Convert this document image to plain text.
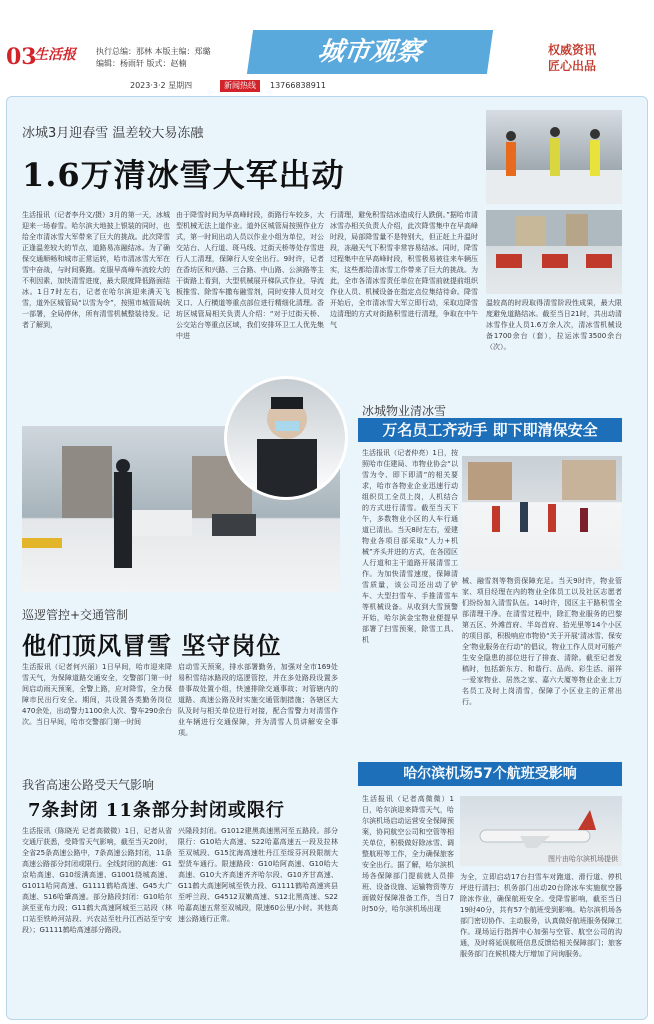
03
生活报	执行总编：那林 本版主编：郑璐
编辑：杨雨轩 版式：赵楠	城市观察	权威资讯
匠心出品
2023·3·2 星期四	新闻热线	13766838911
冰城3月迎春雪 温差较大易冻融
1.6万清冰雪大军出动
生活报讯（记者李丹文/摄）3月的第一天，冰城迎来一场春雪。哈尔滨大地披上银装的同时，也给全市清冰雪大军带来了巨大的挑战。此次降雪正逢温差较大的节点，道路易冻融结冰。为了确保交通顺畅和城市正常运转，哈市清冰雪大军在雪中奋战，与时间赛跑。克服早高峰车流较大的不利因素，加快清雪进度，最大限度降低路面结冰。1日7时左右，记者在哈尔滨迎来满天飞雪，道外区城管局“以雪为令”，按照市城管局统一部署，全局停休，所有清雪机械整装待发。记者了解到，
由于降雪时间为早高峰时段，街路行车较多，大型机械无法上道作业。道外区城管局按照作业方式，第一时间出动人员以作业小组为单位，对公交站台、人行道、斑马线、过街天桥等处存雪进行人工清理，保障行人安全出行。9时许，记者在香坊区和兴路、三合路、中山路、公滨路等主干街路上看到，大型机械展开梯队式作业，导流板推雪、除雪车撒布融雪剂，同时安排人员对交叉口、人行横道等重点部位进行精细化清理。香坊区城管局相关负责人介绍：“对于过街天桥、公交站台等重点区域，我们安排环卫工人优先集中进
行清理，避免积雪结冰造成行人跌倒。”据哈市清冰雪办相关负责人介绍，此次降雪集中在早高峰时段，局部降雪量不是特别大，但正赶上升温时段，冻融天气下积雪非常容易结冰。同时，降雪过程集中在早高峰时段，积雪极易被往来车辆压实，这些都给清冰雪工作带来了巨大的挑战。为此，全市各清冰雪责任单位在降雪前就提前组织作业人员、机械设备在指定点位集结待命。降雪开始后，全市清冰雪大军立即行动，采取边降雪边清理的方式对街路积雪进行清理，争取在中午气
温较高的时段取得清雪阶段性成果，最大限度避免道路结冰。截至当日21时，共出动清冰雪作业人员1.6万余人次，清冰雪机械设备1700余台（套），拉运冰雪3500余台（次）。
巡逻管控+交通管制
他们顶风冒雪 坚守岗位
生活报讯（记者何兴丽）1日早间，哈市迎来降雪天气，为保障道路交通安全，交警部门第一时间启动雨天预案，全警上路，应对降雪，全力保障市民出行安全。期间，共设置各类勤务岗位470余处，出动警力1100余人次、警车290余台次。当日早间，哈市交警部门第一时间
启动雪天预案，排水部署勤务，加强对全市169处易积雪结冰路段的巡逻管控，并在多处路段设置多普事故处置小组，快速排除交通事故；对管辖内的道路、高速公路及时实施交通管制措施；各辖区大队及时与相关单位进行对接，配合雪警力对清雪作业车辆进行交通保障，并为清雪人员讲解安全事项。
冰城物业清冰雪
万名员工齐动手 即下即清保安全
生活报讯（记者仲亮）1日，按照哈市住建局、市物业协会“以雪为令、即下即清”的相关要求，哈市各物业企业迅速行动组织员工全员上岗，人机结合的方式进行清雪。截至当天下午，多数物业小区的人车行通道已清出。当天8时左右，爱建物业各项目部采取“人力+机械”齐头并进的方式，在各园区人行道和主干道路开展清雪工作。为加快清雪速度，保障清雪质量，该公司还出动了铲车、大型扫雪车、手推清雪车等机械设备。从收到大雪预警开始，哈尔滨金宝物业便提早部署了扫雪预案，除雪工具、机
械、融雪剂等物资保障充足。当天9时许，物业管家、项目经理在内的物业全体员工以及社区志愿者们纷纷加入清雪队伍。14时许，园区主干路积雪全部清理干净。在清雪过程中，除汇物业服务的巴黎第五区、外滩首府、半岛首府、拾光里等14个小区的项目部，积极响应市物协“关于开展‘清冰雪、保安全’物业服务在行动”的倡议，物业工作人员对可能产生安全隐患的部位进行了排查、清除。截至记者发稿时，包括新东方、和谐行、品尚、彩生活、丽祥一爱家物业、居然之家、嘉六大厦等物业企业上万名员工及时上岗清雪，保障了小区业主的正常出行。
我省高速公路受天气影响
7条封闭 11条部分封闭或限行
生活报讯（陈晓光 记者高微微）1日，记者从省交通厅获悉，受降雪天气影响，截至当天20时，全省25条高速公路中，7条高速公路封闭，11条高速公路部分封闭或限行。全线封闭的高速：G1京哈高速、G10绥满高速、G1001绕城高速、G1011哈同高速、G1111鹤哈高速、G45大广高速、S16哈肇高速。部分路段封闭：G10哈尔滨至亚布力段；G11鹤大高速阿城至三站段（林口站至铁岭河站段、兴农站至牡丹江西站至宁安段）；G1111鹤哈高速部分路段。
兴隆段封闭。G1012建黑高速黑河至五路段。部分限行：G10哈大高速、S22哈嘉高速五一段及拉林至双城段、G15沈海高速牡丹江至绥芬河段限制大型货车通行。限速路段：G10哈阿高速、G10哈大高速、G10大齐高速齐齐哈尔段、G10齐甘高速、G11鹤大高速阿城至铁力段、G1111鹤哈高速宾县至呼兰段、G4512双嫩高速、S12北黑高速、S22哈嘉高速五常至双城段，限速60公里/小时。其他高速公路通行正常。
哈尔滨机场57个航班受影响
生活报讯（记者高微微）1日，哈尔滨迎来降雪天气，哈尔滨机场启动运营安全保障预案，协同航空公司和空管等相关单位，积极做好除冰雪、调整航班等工作，全力确保旅客安全出行。据了解，哈尔滨机场各保障部门提前就人员排班、设备设施、运输物资等方面做好保障准备工作，当日7时50分，哈尔滨机场出现
图片由哈尔滨机场提供
为全，立即启动17台扫雪车对跑道、滑行道、停机坪进行清扫；机务部门出动20台除冰车实施航空器除冰作业，确保航班安全。受降雪影响，截至当日19时40分，共有57个航班受到影响。哈尔滨机场各部门密切协作、主动服务，认真做好航班服务保障工作。现场运行指挥中心加强与空管、航空公司的沟通，及时将延误航班信息反馈给相关保障部门；旅客服务部门在候机楼大厅增加了问询服务。
